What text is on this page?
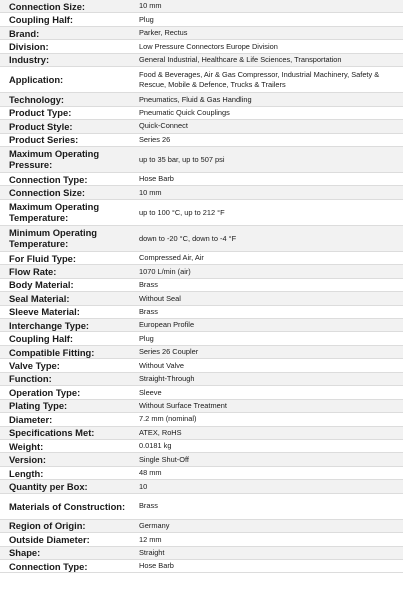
Connection Size:	10 mm
Coupling Half:	Plug
Brand:	Parker, Rectus
Division:	Low Pressure Connectors Europe Division
Industry:	General Industrial, Healthcare & Life Sciences, Transportation
Application:	Food & Beverages, Air & Gas Compressor, Industrial Machinery, Safety & Rescue, Mobile & Defence, Trucks & Trailers
Technology:	Pneumatics, Fluid & Gas Handling
Product Type:	Pneumatic Quick Couplings
Product Style:	Quick-Connect
Product Series:	Series 26
Maximum Operating Pressure:
up to 35 bar, up to 507 psi
Connection Type:	Hose Barb
Connection Size:	10 mm
Maximum Operating Temperature:
up to 100 °C, up to 212 °F
Minimum Operating Temperature:
down to -20 °C, down to -4 °F
For Fluid Type:	Compressed Air, Air
Flow Rate:	1070 L/min (air)
Body Material:	Brass
Seal Material:	Without Seal
Sleeve Material:	Brass
Interchange Type:	European Profile
Coupling Half:	Plug
Compatible Fitting:	Series 26 Coupler
Valve Type:	Without Valve
Function:	Straight-Through
Operation Type:	Sleeve
Plating Type:	Without Surface Treatment
Diameter:	7.2 mm (nominal)
Specifications Met:	ATEX, RoHS
Weight:	0.0181 kg
Version:	Single Shut-Off
Length:	48 mm
Quantity per Box:	10
Materials of Construction:	Brass
Region of Origin:	Germany
Outside Diameter:	12 mm
Shape:	Straight
Connection Type:	Hose Barb
